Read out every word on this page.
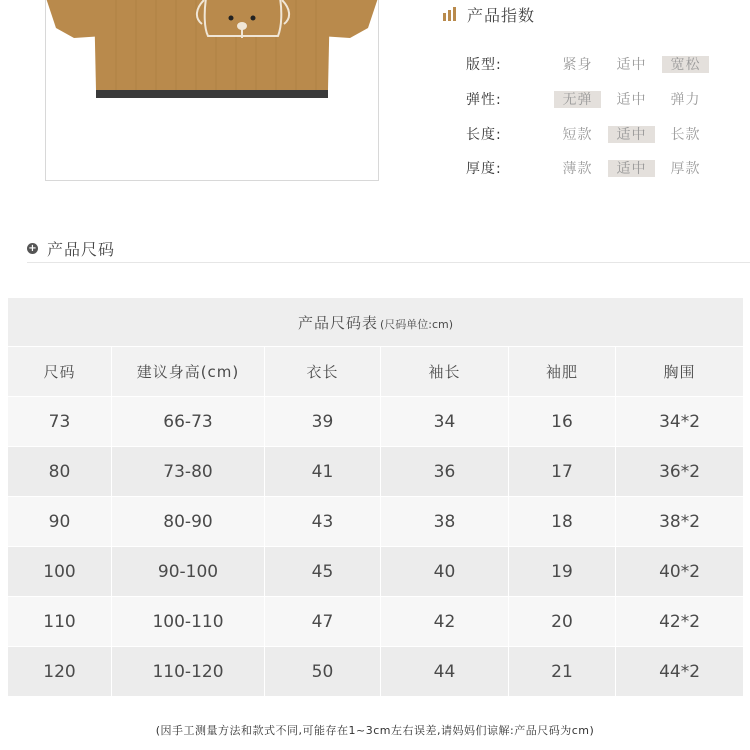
产品指数
版型:	紧身	适中	宽松
弹性:	无弹	适中	弹力
长度:	短款	适中	长款
厚度:	薄款	适中	厚款
+ 产品尺码
产品尺码表 (尺码单位:cm)					
尺码	建议身高(cm)	衣长	袖长	袖肥	胸围
73	66-73	39	34	16	34*2
80	73-80	41	36	17	36*2
90	80-90	43	38	18	38*2
100	90-100	45	40	19	40*2
110	100-110	47	42	20	42*2
120	110-120	50	44	21	44*2
(因手工测量方法和款式不同,可能存在1~3cm左右误差,请妈妈们谅解:产品尺码为cm)
